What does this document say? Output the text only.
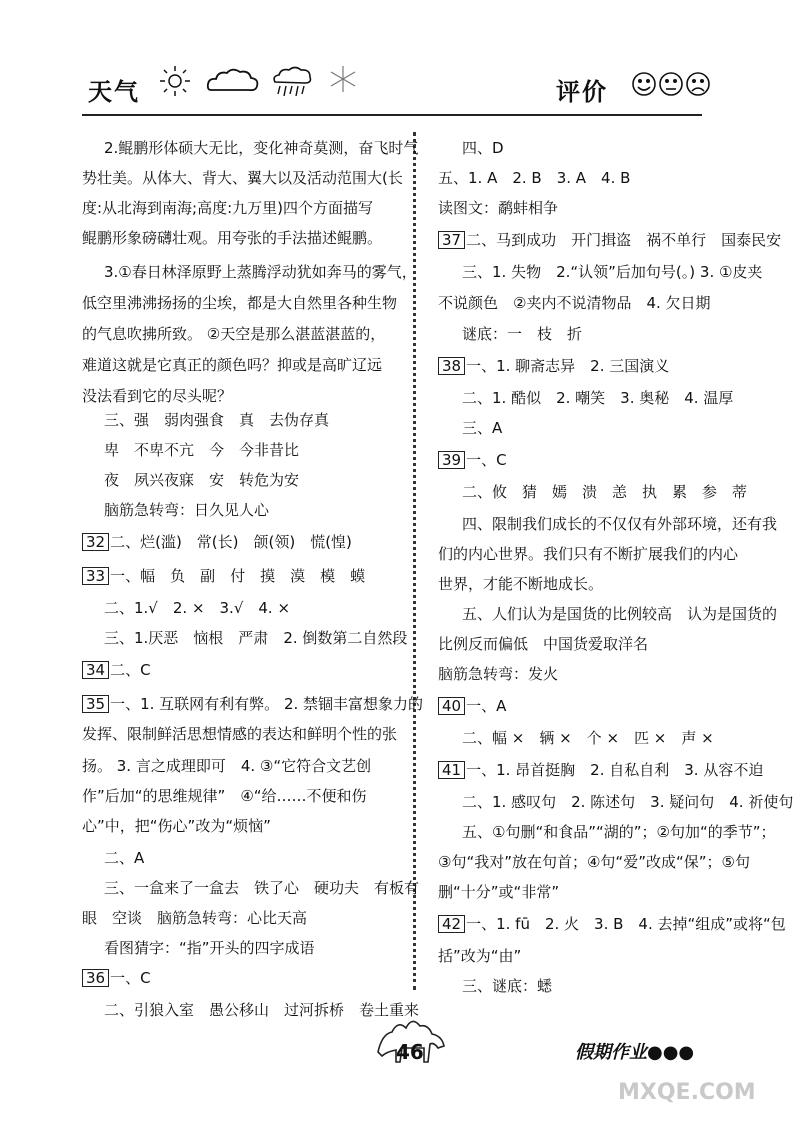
天气	评价
2.鲲鹏形体硕大无比，变化神奇莫测，奋飞时气
势壮美。从体大、背大、翼大以及活动范围大(长
度:从北海到南海;高度:九万里)四个方面描写
鲲鹏形象磅礴壮观。用夸张的手法描述鲲鹏。
3.①春日林泽原野上蒸腾浮动犹如奔马的雾气，
低空里沸沸扬扬的尘埃，都是大自然里各种生物
的气息吹拂所致。 ②天空是那么湛蓝湛蓝的，
难道这就是它真正的颜色吗？抑或是高旷辽远
没法看到它的尽头呢？
三、强　弱肉强食　真　去伪存真
卑　不卑不亢　今　今非昔比
夜　夙兴夜寐　安　转危为安
脑筋急转弯：日久见人心
32 二、烂(滥)　常(长)　颌(领)　慌(惶)
33 一、幅　负　副　付　摸　漠　模　蟆
二、1.√　2. ×　3.√　4. ×
三、1.厌恶　恼根　严肃　2. 倒数第二自然段
34 二、C
35 一、1. 互联网有利有弊。 2. 禁锢丰富想象力的
发挥、限制鲜活思想情感的表达和鲜明个性的张
扬。 3. 言之成理即可　4. ③“它符合文艺创
作”后加“的思维规律”　④“给……不便和伤
心”中，把“伤心”改为“烦恼”
二、A
三、一盒来了一盒去　铁了心　硬功夫　有板有
眼　空谈　脑筋急转弯：心比天高
看图猜字：“指”开头的四字成语
36 一、C
二、引狼入室　愚公移山　过河拆桥　卷土重来
四、D
五、1. A　2. B　3. A　4. B
读图文：鹬蚌相争
37 二、马到成功　开门揖盗　祸不单行　国泰民安
三、1. 失物　2.“认领”后加句号(。) 3. ①皮夹
不说颜色　②夹内不说清物品　4. 欠日期
谜底：一　枝　折
38 一、1. 聊斋志异　2. 三国演义
二、1. 酷似　2. 嘲笑　3. 奥秘　4. 温厚
三、A
39 一、C
二、攸　猜　嫣　溃　恙　执　累　参　蒂
四、限制我们成长的不仅仅有外部环境，还有我
们的内心世界。我们只有不断扩展我们的内心
世界，才能不断地成长。
五、人们认为是国货的比例较高　认为是国货的
比例反而偏低　中国货爱取洋名
脑筋急转弯：发火
40 一、A
二、幅 ×　辆 ×　个 ×　匹 ×　声 ×
41 一、1. 昂首挺胸　2. 自私自利　3. 从容不迫
二、1. 感叹句　2. 陈述句　3. 疑问句　4. 祈使句
五、①句删“和食品”“湖的”；②句加“的季节”；
③句“我对”放在句首；④句“爱”改成“保”；⑤句
删“十分”或“非常”
42 一、1. fū　2. 火　3. B　4. 去掉“组成”或将“包
括”改为“由”
三、谜底：蟋
46	假期作业●●●
MXQE.COM
